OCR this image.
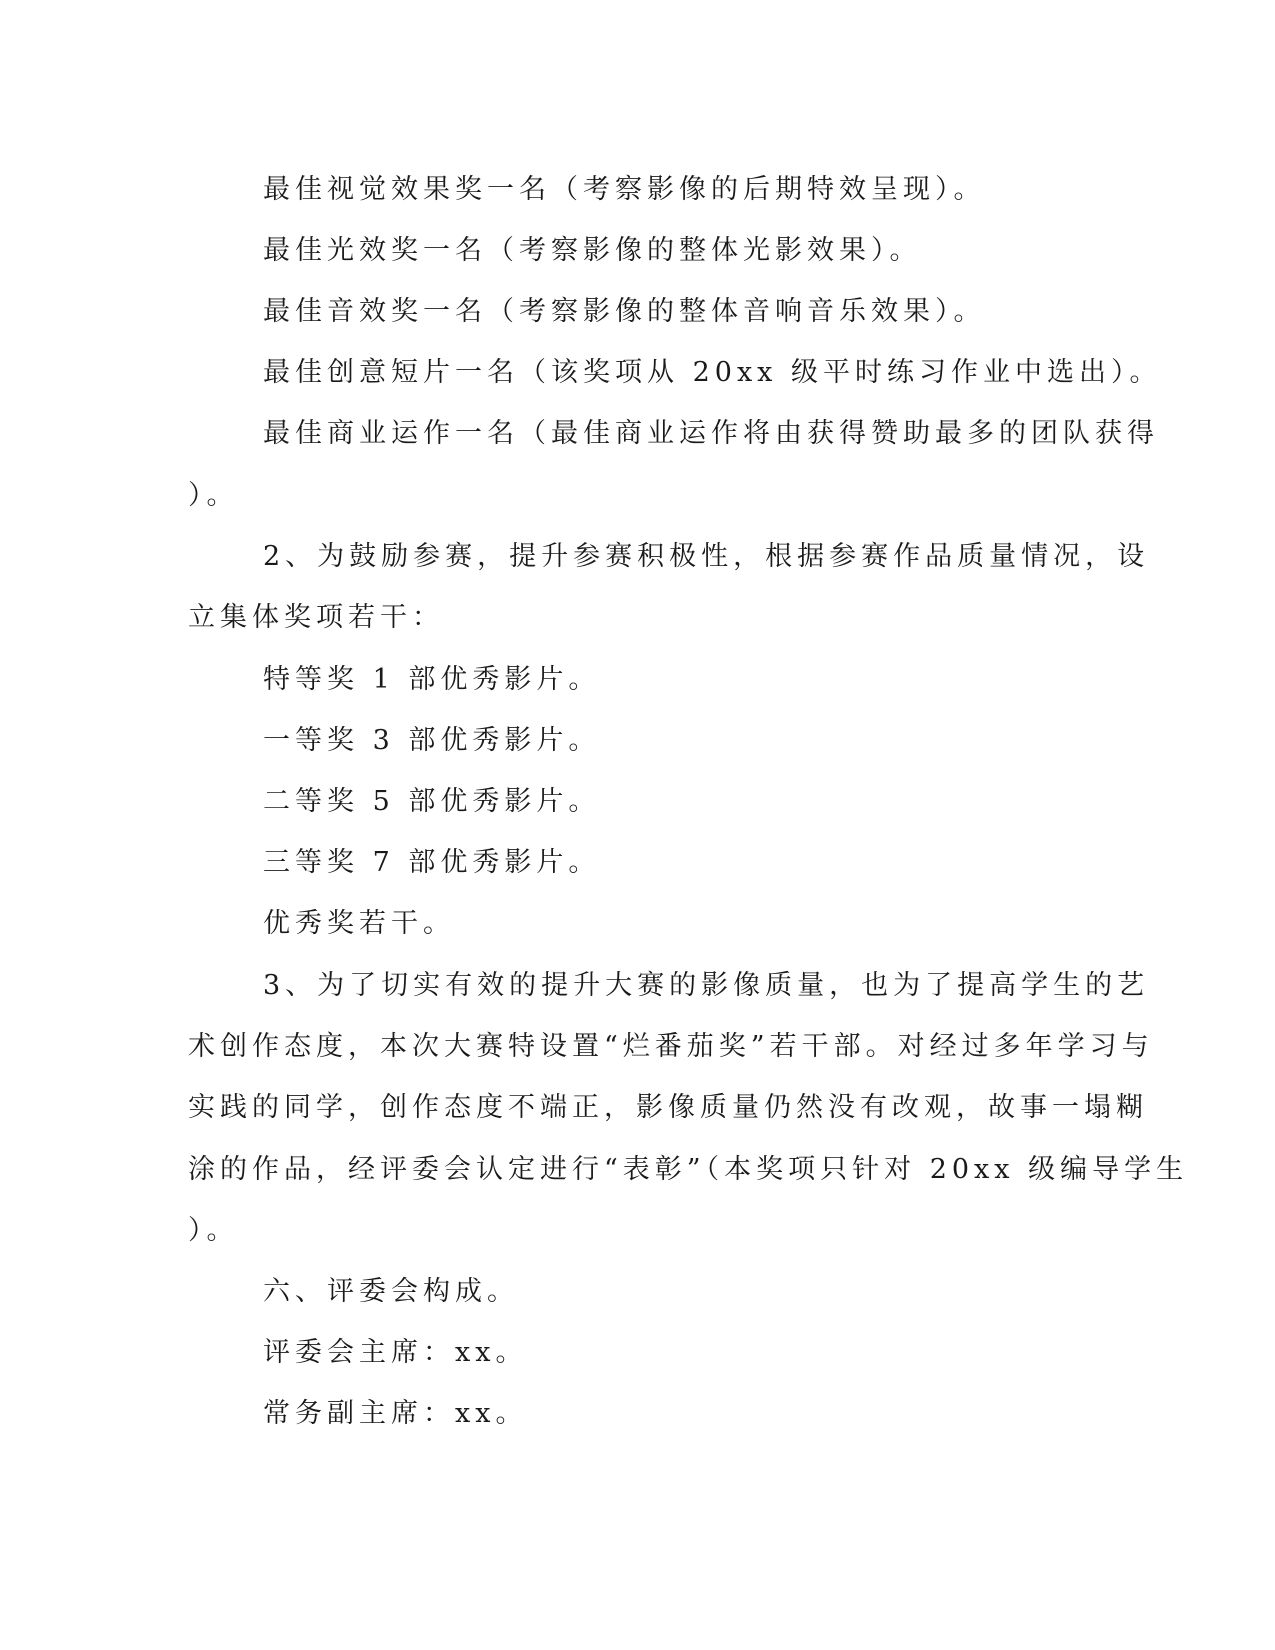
最佳视觉效果奖一名（考察影像的后期特效呈现）。
最佳光效奖一名（考察影像的整体光影效果）。
最佳音效奖一名（考察影像的整体音响音乐效果）。
最佳创意短片一名（该奖项从 20xx 级平时练习作业中选出）。
最佳商业运作一名（最佳商业运作将由获得赞助最多的团队获得
）。
2、为鼓励参赛，提升参赛积极性，根据参赛作品质量情况，设
立集体奖项若干：
特等奖 1 部优秀影片。
一等奖 3 部优秀影片。
二等奖 5 部优秀影片。
三等奖 7 部优秀影片。
优秀奖若干。
3、为了切实有效的提升大赛的影像质量，也为了提高学生的艺
术创作态度，本次大赛特设置“烂番茄奖”若干部。对经过多年学习与
实践的同学，创作态度不端正，影像质量仍然没有改观，故事一塌糊
涂的作品，经评委会认定进行“表彰”（本奖项只针对 20xx 级编导学生
）。
六、评委会构成。
评委会主席：xx。
常务副主席：xx。
